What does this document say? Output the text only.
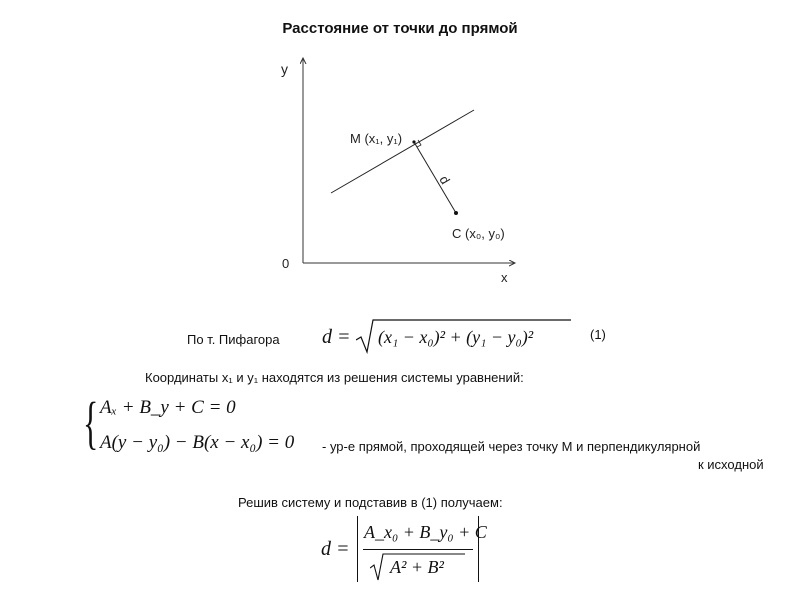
Расстояние от точки до прямой
y
x
0
M (x₁, y₁)
C (x₀, y₀)
d
По т. Пифагора d = (x₁ − x₀)² + (y₁ − y₀)²	(1)
Координаты x₁ и y₁ находятся из решения системы уравнений:
{ Aₓ + B_y + C = 0
A(y − y₀) − B(x − x₀) = 0 - ур-е прямой, проходящей через точку М и перпендикулярной
к исходной
Решив систему и подставив в (1) получаем:
d =
A_x₀ + B_y₀ + C
A² + B²
